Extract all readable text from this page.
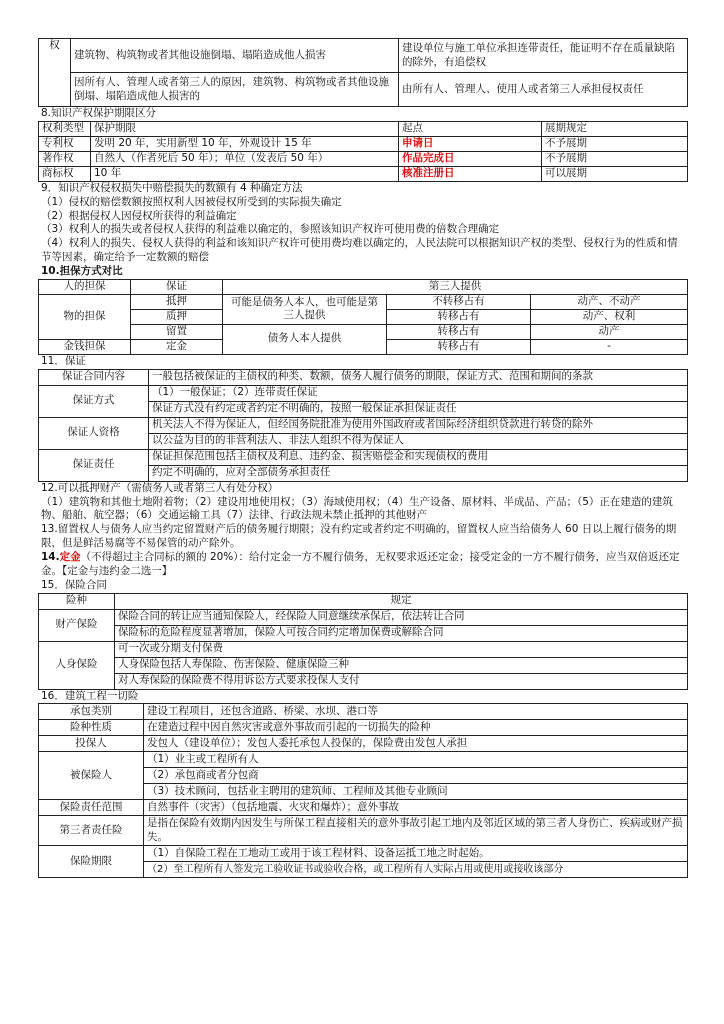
权	建筑物、构筑物或者其他设施倒塌、塌陷造成他人损害	建设单位与施工单位承担连带责任，能证明不存在质量缺陷的除外，有追偿权
	因所有人、管理人或者第三人的原因，建筑物、构筑物或者其他设施倒塌、塌陷造成他人损害的	由所有人、管理人、使用人或者第三人承担侵权责任

8.知识产权保护期限区分

权利类型	保护期限	起点	展期规定
专利权	发明 20 年，实用新型 10 年，外观设计 15 年	申请日	不予展期
著作权	自然人（作者死后 50 年）；单位（发表后 50 年）	作品完成日	不予展期
商标权	10 年	核准注册日	可以展期

9．知识产权侵权损失中赔偿损失的数额有 4 种确定方法

（1）侵权的赔偿数额按照权利人因被侵权所受到的实际损失确定

（2）根据侵权人因侵权所获得的利益确定

（3）权利人的损失或者侵权人获得的利益难以确定的，参照该知识产权许可使用费的倍数合理确定

（4）权利人的损失、侵权人获得的利益和该知识产权许可使用费均难以确定的，人民法院可以根据知识产权的类型、侵权行为的性质和情节等因素，确定给予一定数额的赔偿

10.担保方式对比

人的担保	保证	第三人提供		
物的担保	抵押	可能是债务人本人，也可能是第三人提供	不转移占有	动产、不动产
	质押		转移占有	动产、权利
	留置	债务人本人提供	转移占有	动产
金钱担保	定金		转移占有	-

11．保证

保证合同内容	一般包括被保证的主债权的种类、数额，债务人履行债务的期限，保证方式、范围和期间的条款
保证方式	（1）一般保证；（2）连带责任保证
	保证方式没有约定或者约定不明确的，按照一般保证承担保证责任
保证人资格	机关法人不得为保证人，但经国务院批准为使用外国政府或者国际经济组织贷款进行转贷的除外
	以公益为目的的非营利法人、非法人组织不得为保证人
保证责任	保证担保范围包括主债权及利息、违约金、损害赔偿金和实现债权的费用
	约定不明确的，应对全部债务承担责任

12.可以抵押财产（需债务人或者第三人有处分权）

（1）建筑物和其他土地附着物；（2）建设用地使用权；（3）海域使用权；（4）生产设备、原材料、半成品、产品；（5）正在建造的建筑物、船舶、航空器；（6）交通运输工具（7）法律、行政法规未禁止抵押的其他财产

13.留置权人与债务人应当约定留置财产后的债务履行期限；没有约定或者约定不明确的，留置权人应当给债务人 60 日以上履行债务的期限，但是鲜活易腐等不易保管的动产除外。

14.定金（不得超过主合同标的额的 20%）：给付定金一方不履行债务，无权要求返还定金；接受定金的一方不履行债务，应当双倍返还定金。【定金与违约金二选一】

15．保险合同

险种	规定
财产保险	保险合同的转让应当通知保险人，经保险人同意继续承保后，依法转让合同
	保险标的危险程度显著增加，保险人可按合同约定增加保费或解除合同
人身保险	可一次或分期支付保费
	人身保险包括人寿保险、伤害保险、健康保险三种
	对人寿保险的保险费不得用诉讼方式要求投保人支付

16．建筑工程一切险

承包类别	建设工程项目，还包含道路、桥梁、水坝、港口等
险种性质	在建造过程中因自然灾害或意外事故而引起的一切损失的险种
投保人	发包人（建设单位）；发包人委托承包人投保的，保险费由发包人承担
被保险人	（1）业主或工程所有人
	（2）承包商或者分包商
	（3）技术顾问，包括业主聘用的建筑师、工程师及其他专业顾问
保险责任范围	自然事件（灾害）（包括地震、火灾和爆炸）；意外事故
第三者责任险	是指在保险有效期内因发生与所保工程直接相关的意外事故引起工地内及邻近区域的第三者人身伤亡、疾病或财产损失。
保险期限	（1）自保险工程在工地动工或用于该工程材料、设备运抵工地之时起始。
	（2）至工程所有人签发完工验收证书或验收合格，或工程所有人实际占用或使用或接收该部分
